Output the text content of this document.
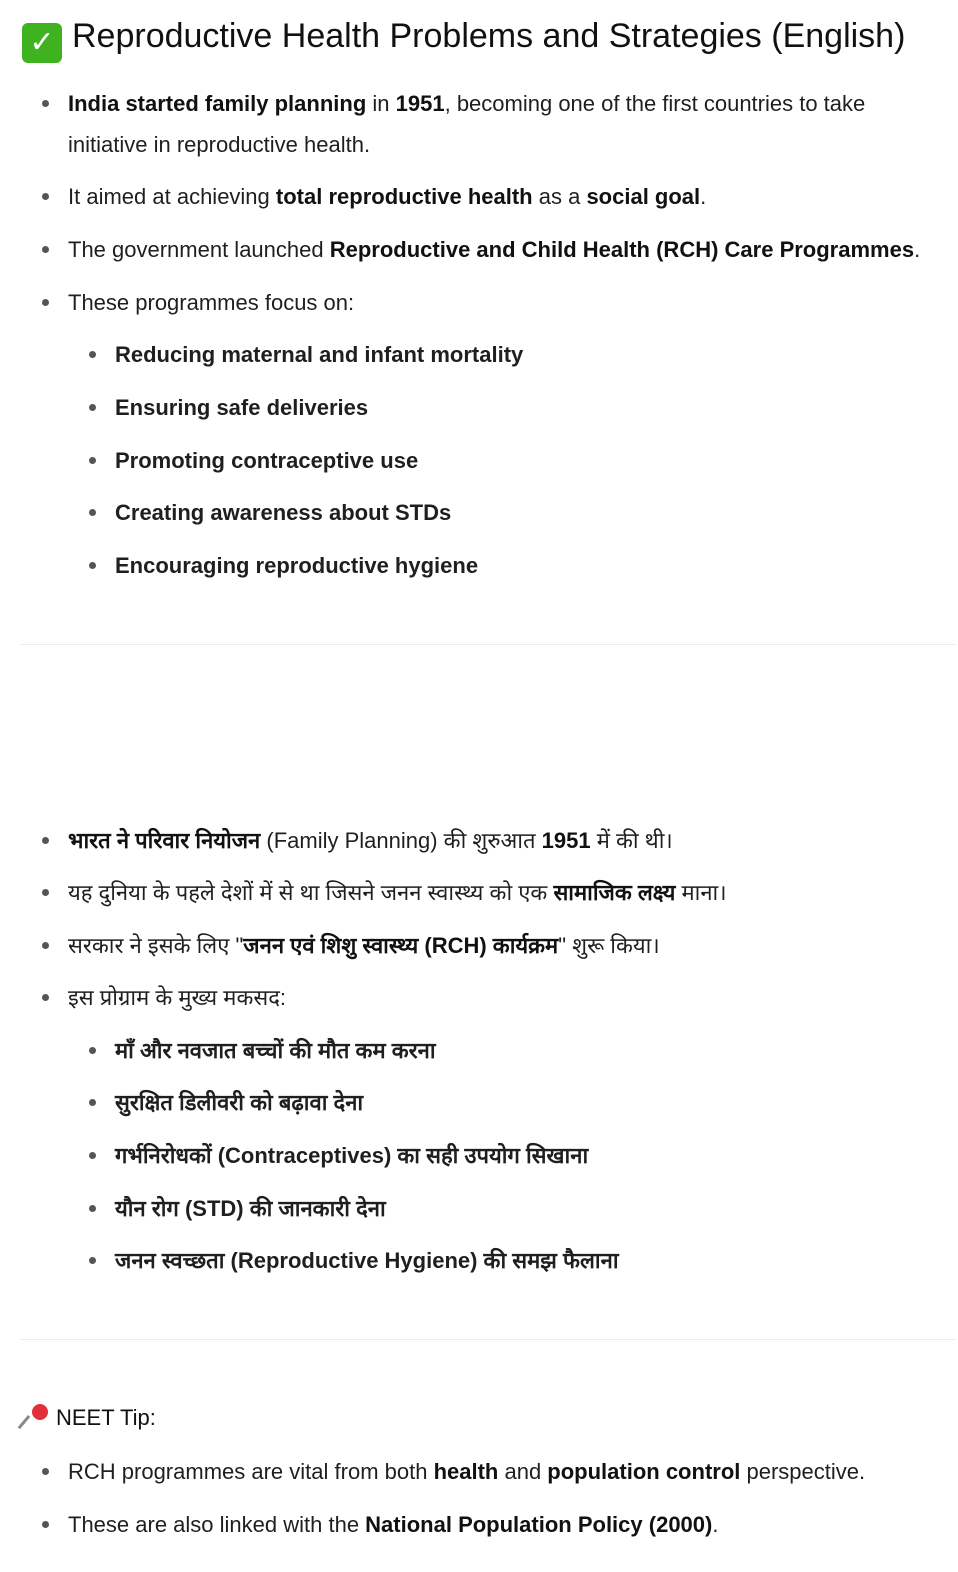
✓ Reproductive Health Problems and Strategies (English)
India started family planning in 1951, becoming one of the first countries to take initiative in reproductive health.
It aimed at achieving total reproductive health as a social goal.
The government launched Reproductive and Child Health (RCH) Care Programmes.
These programmes focus on:
Reducing maternal and infant mortality
Ensuring safe deliveries
Promoting contraceptive use
Creating awareness about STDs
Encouraging reproductive hygiene
भारत ने परिवार नियोजन (Family Planning) की शुरुआत 1951 में की थी।
यह दुनिया के पहले देशों में से था जिसने जनन स्वास्थ्य को एक सामाजिक लक्ष्य माना।
सरकार ने इसके लिए "जनन एवं शिशु स्वास्थ्य (RCH) कार्यक्रम" शुरू किया।
इस प्रोग्राम के मुख्य मकसद:
माँ और नवजात बच्चों की मौत कम करना
सुरक्षित डिलीवरी को बढ़ावा देना
गर्भनिरोधकों (Contraceptives) का सही उपयोग सिखाना
यौन रोग (STD) की जानकारी देना
जनन स्वच्छता (Reproductive Hygiene) की समझ फैलाना
NEET Tip:
RCH programmes are vital from both health and population control perspective.
These are also linked with the National Population Policy (2000).
